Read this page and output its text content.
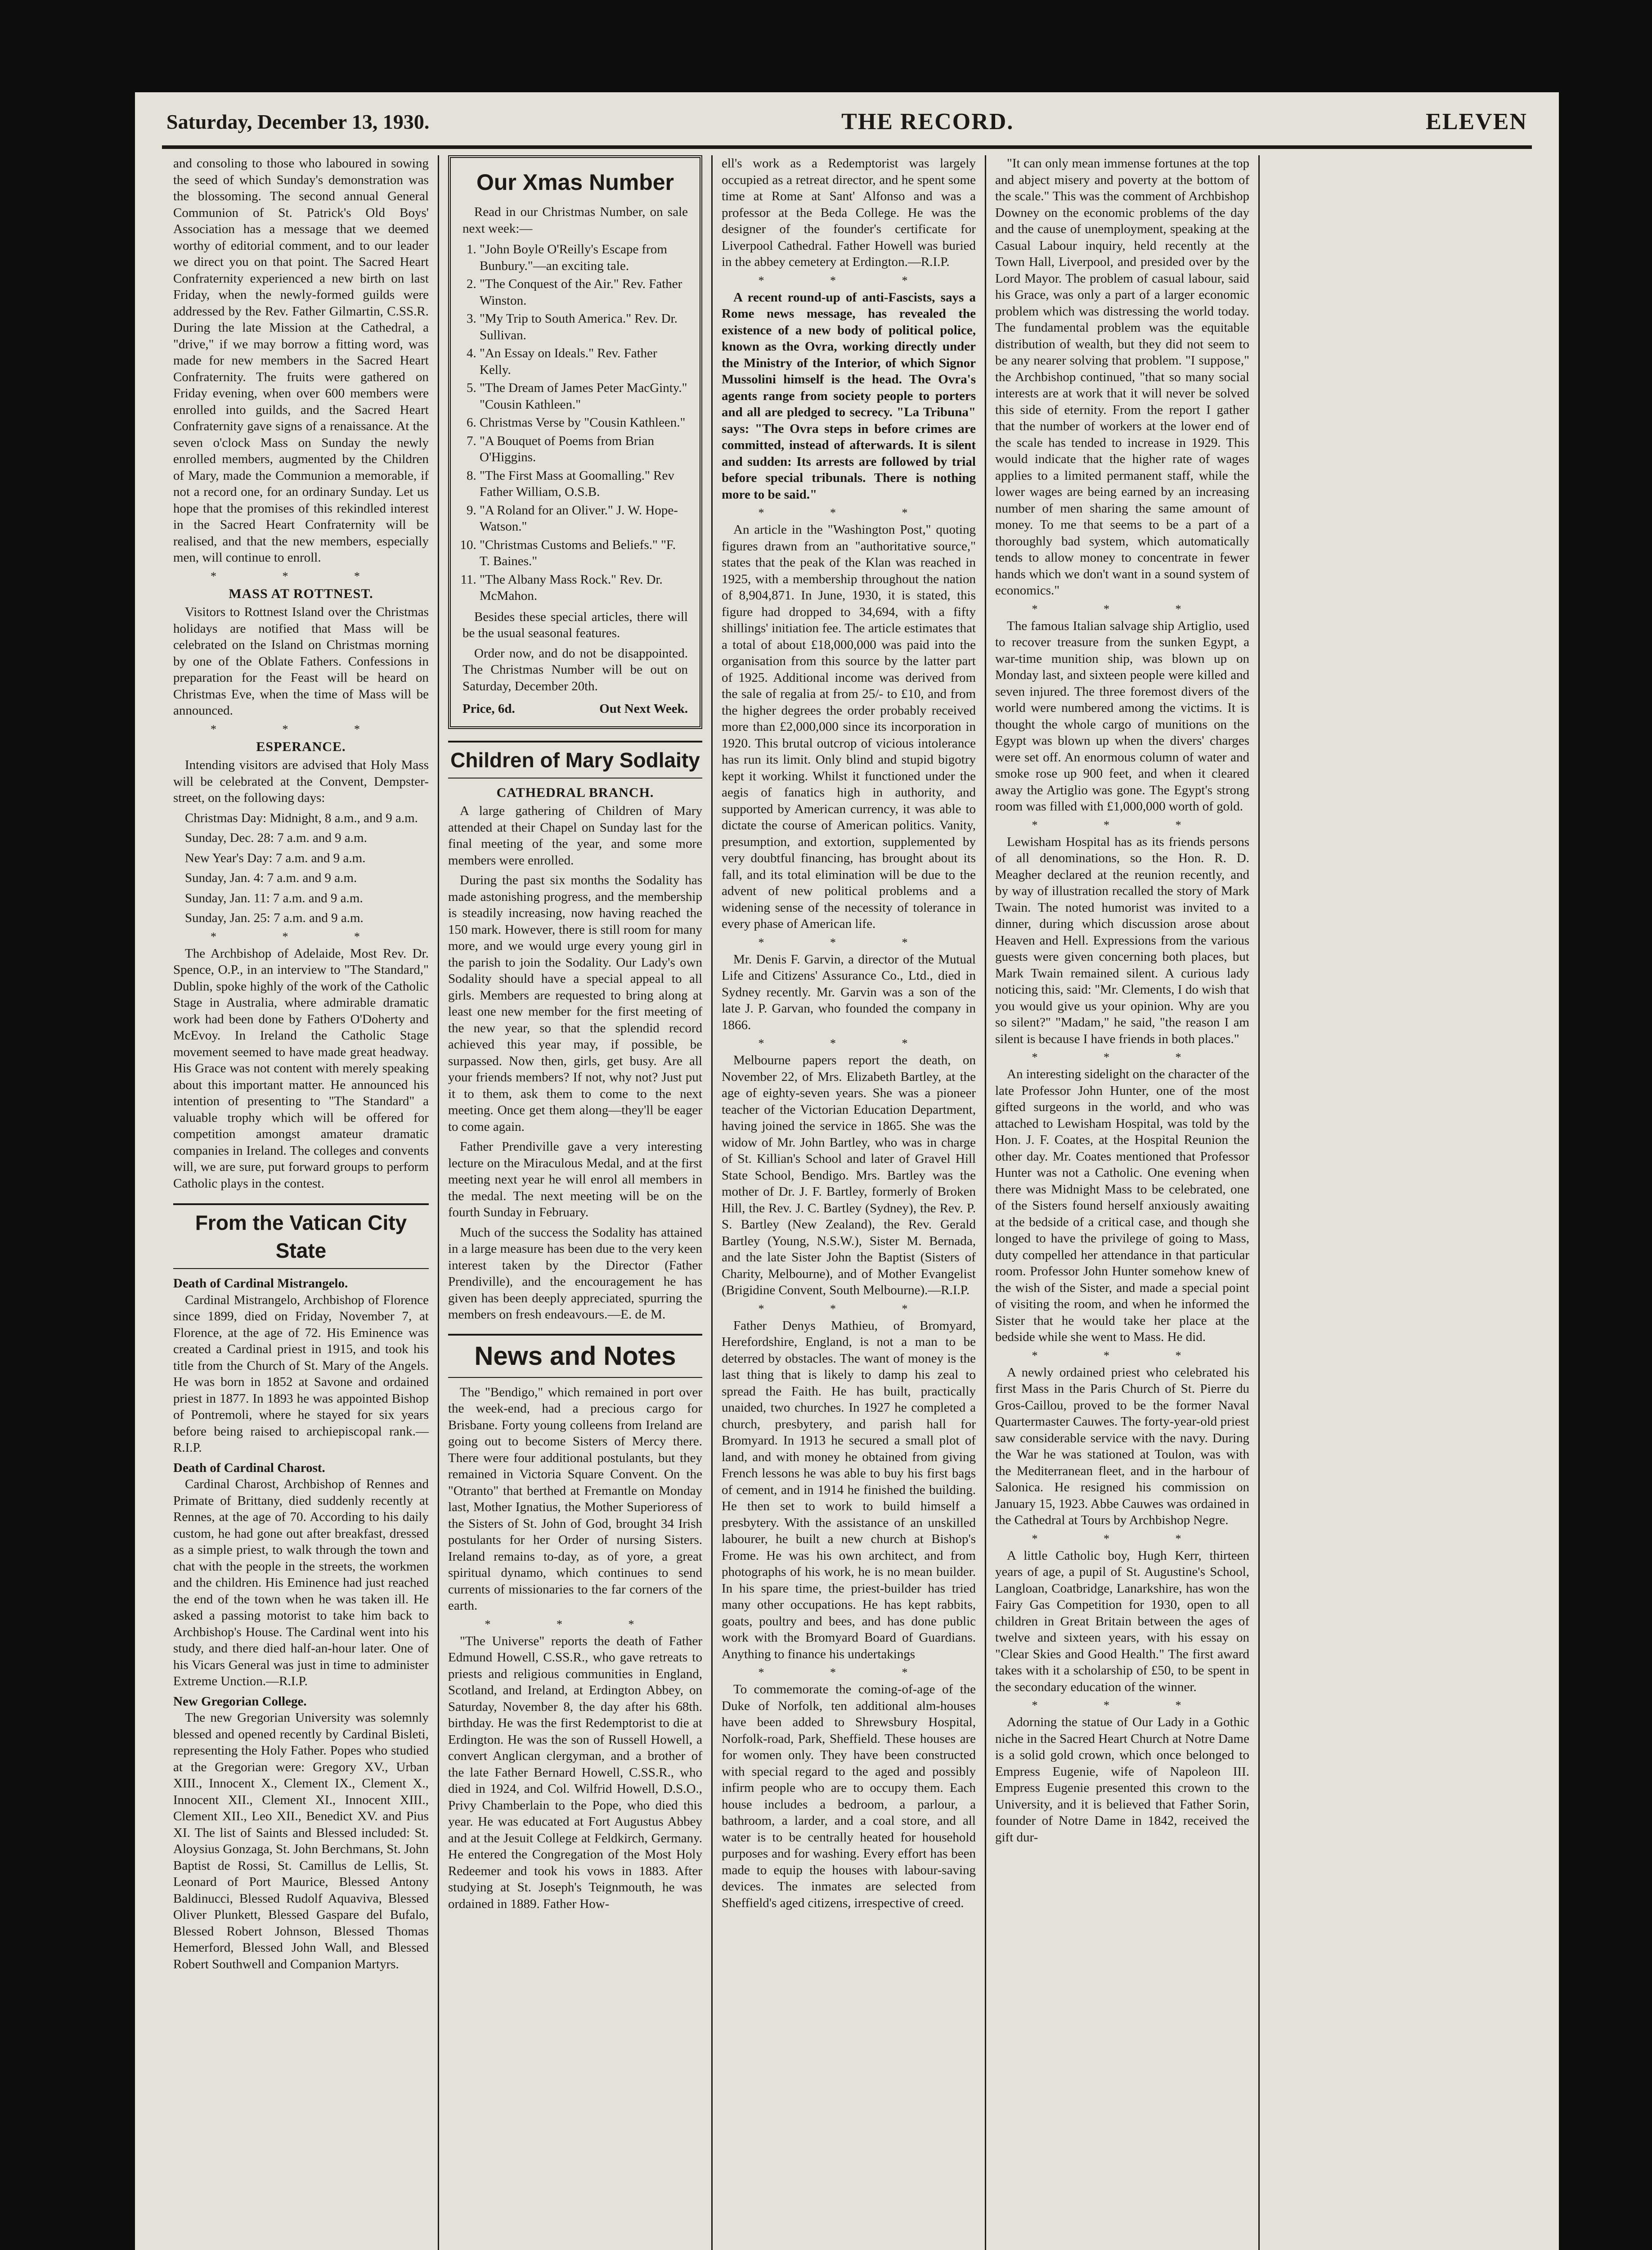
Saturday, December 13, 1930.	THE RECORD.	ELEVEN

and consoling to those who laboured in sowing the seed of which Sunday's demonstration was the blossoming. The second annual General Communion of St. Patrick's Old Boys' Association has a message that we deemed worthy of editorial comment, and to our leader we direct you on that point. The Sacred Heart Confraternity experienced a new birth on last Friday, when the newly-formed guilds were addressed by the Rev. Father Gilmartin, C.SS.R. During the late Mission at the Cathedral, a "drive," if we may borrow a fitting word, was made for new members in the Sacred Heart Confraternity. The fruits were gathered on Friday evening, when over 600 members were enrolled into guilds, and the Sacred Heart Confraternity gave signs of a renaissance. At the seven o'clock Mass on Sunday the newly enrolled members, augmented by the Children of Mary, made the Communion a memorable, if not a record one, for an ordinary Sunday. Let us hope that the promises of this rekindled interest in the Sacred Heart Confraternity will be realised, and that the new members, especially men, will continue to enroll.

* * *
MASS AT ROTTNEST.

Visitors to Rottnest Island over the Christmas holidays are notified that Mass will be celebrated on the Island on Christmas morning by one of the Oblate Fathers. Confessions in preparation for the Feast will be heard on Christmas Eve, when the time of Mass will be announced.

* * *
ESPERANCE.

Intending visitors are advised that Holy Mass will be celebrated at the Convent, Dempster-street, on the following days:

Christmas Day: Midnight, 8 a.m., and 9 a.m.

Sunday, Dec. 28: 7 a.m. and 9 a.m.

New Year's Day: 7 a.m. and 9 a.m.

Sunday, Jan. 4: 7 a.m. and 9 a.m.

Sunday, Jan. 11: 7 a.m. and 9 a.m.

Sunday, Jan. 25: 7 a.m. and 9 a.m.

* * *

The Archbishop of Adelaide, Most Rev. Dr. Spence, O.P., in an interview to "The Standard," Dublin, spoke highly of the work of the Catholic Stage in Australia, where admirable dramatic work had been done by Fathers O'Doherty and McEvoy. In Ireland the Catholic Stage movement seemed to have made great headway. His Grace was not content with merely speaking about this important matter. He announced his intention of presenting to "The Standard" a valuable trophy which will be offered for competition amongst amateur dramatic companies in Ireland. The colleges and convents will, we are sure, put forward groups to perform Catholic plays in the contest.

From the Vatican City State
Death of Cardinal Mistrangelo.

Cardinal Mistrangelo, Archbishop of Florence since 1899, died on Friday, November 7, at Florence, at the age of 72. His Eminence was created a Cardinal priest in 1915, and took his title from the Church of St. Mary of the Angels. He was born in 1852 at Savone and ordained priest in 1877. In 1893 he was appointed Bishop of Pontremoli, where he stayed for six years before being raised to archiepiscopal rank.—R.I.P.

Death of Cardinal Charost.

Cardinal Charost, Archbishop of Rennes and Primate of Brittany, died suddenly recently at Rennes, at the age of 70. According to his daily custom, he had gone out after breakfast, dressed as a simple priest, to walk through the town and chat with the people in the streets, the workmen and the children. His Eminence had just reached the end of the town when he was taken ill. He asked a passing motorist to take him back to Archbishop's House. The Cardinal went into his study, and there died half-an-hour later. One of his Vicars General was just in time to administer Extreme Unction.—R.I.P.

New Gregorian College.

The new Gregorian University was solemnly blessed and opened recently by Cardinal Bisleti, representing the Holy Father. Popes who studied at the Gregorian were: Gregory XV., Urban XIII., Innocent X., Clement IX., Clement X., Innocent XII., Clement XI., Innocent XIII., Clement XII., Leo XII., Benedict XV. and Pius XI. The list of Saints and Blessed included: St. Aloysius Gonzaga, St. John Berchmans, St. John Baptist de Rossi, St. Camillus de Lellis, St. Leonard of Port Maurice, Blessed Antony Baldinucci, Blessed Rudolf Aquaviva, Blessed Oliver Plunkett, Blessed Gaspare del Bufalo, Blessed Robert Johnson, Blessed Thomas Hemerford, Blessed John Wall, and Blessed Robert Southwell and Companion Martyrs.

Our Xmas Number

Read in our Christmas Number, on sale next week:—

1. "John Boyle O'Reilly's Escape from Bunbury."—an exciting tale.
2. "The Conquest of the Air." Rev. Father Winston.
3. "My Trip to South America." Rev. Dr. Sullivan.
4. "An Essay on Ideals." Rev. Father Kelly.
5. "The Dream of James Peter MacGinty." "Cousin Kathleen."
6. Christmas Verse by "Cousin Kathleen."
7. "A Bouquet of Poems from Brian O'Higgins.
8. "The First Mass at Goomalling." Rev Father William, O.S.B.
9. "A Roland for an Oliver." J. W. Hope-Watson."
10. "Christmas Customs and Beliefs." "F. T. Baines."
11. "The Albany Mass Rock." Rev. Dr. McMahon.

Besides these special articles, there will be the usual seasonal features.

Order now, and do not be disappointed. The Christmas Number will be out on Saturday, December 20th.

Price, 6d.	Out Next Week.
Children of Mary Sodlaity
CATHEDRAL BRANCH.

A large gathering of Children of Mary attended at their Chapel on Sunday last for the final meeting of the year, and some more members were enrolled.

During the past six months the Sodality has made astonishing progress, and the membership is steadily increasing, now having reached the 150 mark. However, there is still room for many more, and we would urge every young girl in the parish to join the Sodality. Our Lady's own Sodality should have a special appeal to all girls. Members are requested to bring along at least one new member for the first meeting of the new year, so that the splendid record achieved this year may, if possible, be surpassed. Now then, girls, get busy. Are all your friends members? If not, why not? Just put it to them, ask them to come to the next meeting. Once get them along—they'll be eager to come again.

Father Prendiville gave a very interesting lecture on the Miraculous Medal, and at the first meeting next year he will enrol all members in the medal. The next meeting will be on the fourth Sunday in February.

Much of the success the Sodality has attained in a large measure has been due to the very keen interest taken by the Director (Father Prendiville), and the encouragement he has given has been deeply appreciated, spurring the members on fresh endeavours.—E. de M.

News and Notes

The "Bendigo," which remained in port over the week-end, had a precious cargo for Brisbane. Forty young colleens from Ireland are going out to become Sisters of Mercy there. There were four additional postulants, but they remained in Victoria Square Convent. On the "Otranto" that berthed at Fremantle on Monday last, Mother Ignatius, the Mother Superioress of the Sisters of St. John of God, brought 34 Irish postulants for her Order of nursing Sisters. Ireland remains to-day, as of yore, a great spiritual dynamo, which continues to send currents of missionaries to the far corners of the earth.

* * *

"The Universe" reports the death of Father Edmund Howell, C.SS.R., who gave retreats to priests and religious communities in England, Scotland, and Ireland, at Erdington Abbey, on Saturday, November 8, the day after his 68th. birthday. He was the first Redemptorist to die at Erdington. He was the son of Russell Howell, a convert Anglican clergyman, and a brother of the late Father Bernard Howell, C.SS.R., who died in 1924, and Col. Wilfrid Howell, D.S.O., Privy Chamberlain to the Pope, who died this year. He was educated at Fort Augustus Abbey and at the Jesuit College at Feldkirch, Germany. He entered the Congregation of the Most Holy Redeemer and took his vows in 1883. After studying at St. Joseph's Teignmouth, he was ordained in 1889. Father How-

ell's work as a Redemptorist was largely occupied as a retreat director, and he spent some time at Rome at Sant' Alfonso and was a professor at the Beda College. He was the designer of the founder's certificate for Liverpool Cathedral. Father Howell was buried in the abbey cemetery at Erdington.—R.I.P.

* * *

A recent round-up of anti-Fascists, says a Rome news message, has revealed the existence of a new body of political police, known as the Ovra, working directly under the Ministry of the Interior, of which Signor Mussolini himself is the head. The Ovra's agents range from society people to porters and all are pledged to secrecy. "La Tribuna" says: "The Ovra steps in before crimes are committed, instead of afterwards. It is silent and sudden: Its arrests are followed by trial before special tribunals. There is nothing more to be said."

* * *

An article in the "Washington Post," quoting figures drawn from an "authoritative source," states that the peak of the Klan was reached in 1925, with a membership throughout the nation of 8,904,871. In June, 1930, it is stated, this figure had dropped to 34,694, with a fifty shillings' initiation fee. The article estimates that a total of about £18,000,000 was paid into the organisation from this source by the latter part of 1925. Additional income was derived from the sale of regalia at from 25/- to £10, and from the higher degrees the order probably received more than £2,000,000 since its incorporation in 1920. This brutal outcrop of vicious intolerance has run its limit. Only blind and stupid bigotry kept it working. Whilst it functioned under the aegis of fanatics high in authority, and supported by American currency, it was able to dictate the course of American politics. Vanity, presumption, and extortion, supplemented by very doubtful financing, has brought about its fall, and its total elimination will be due to the advent of new political problems and a widening sense of the necessity of tolerance in every phase of American life.

* * *

Mr. Denis F. Garvin, a director of the Mutual Life and Citizens' Assurance Co., Ltd., died in Sydney recently. Mr. Garvin was a son of the late J. P. Garvan, who founded the company in 1866.

* * *

Melbourne papers report the death, on November 22, of Mrs. Elizabeth Bartley, at the age of eighty-seven years. She was a pioneer teacher of the Victorian Education Department, having joined the service in 1865. She was the widow of Mr. John Bartley, who was in charge of St. Killian's School and later of Gravel Hill State School, Bendigo. Mrs. Bartley was the mother of Dr. J. F. Bartley, formerly of Broken Hill, the Rev. J. C. Bartley (Sydney), the Rev. P. S. Bartley (New Zealand), the Rev. Gerald Bartley (Young, N.S.W.), Sister M. Bernada, and the late Sister John the Baptist (Sisters of Charity, Melbourne), and of Mother Evangelist (Brigidine Convent, South Melbourne).—R.I.P.

* * *

Father Denys Mathieu, of Bromyard, Herefordshire, England, is not a man to be deterred by obstacles. The want of money is the last thing that is likely to damp his zeal to spread the Faith. He has built, practically unaided, two churches. In 1927 he completed a church, presbytery, and parish hall for Bromyard. In 1913 he secured a small plot of land, and with money he obtained from giving French lessons he was able to buy his first bags of cement, and in 1914 he finished the building. He then set to work to build himself a presbytery. With the assistance of an unskilled labourer, he built a new church at Bishop's Frome. He was his own architect, and from photographs of his work, he is no mean builder. In his spare time, the priest-builder has tried many other occupations. He has kept rabbits, goats, poultry and bees, and has done public work with the Bromyard Board of Guardians. Anything to finance his undertakings

* * *

To commemorate the coming-of-age of the Duke of Norfolk, ten additional alm-houses have been added to Shrewsbury Hospital, Norfolk-road, Park, Sheffield. These houses are for women only. They have been constructed with special regard to the aged and possibly infirm people who are to occupy them. Each house includes a bedroom, a parlour, a bathroom, a larder, and a coal store, and all water is to be centrally heated for household purposes and for washing. Every effort has been made to equip the houses with labour-saving devices. The inmates are selected from Sheffield's aged citizens, irrespective of creed.

"It can only mean immense fortunes at the top and abject misery and poverty at the bottom of the scale." This was the comment of Archbishop Downey on the economic problems of the day and the cause of unemployment, speaking at the Casual Labour inquiry, held recently at the Town Hall, Liverpool, and presided over by the Lord Mayor. The problem of casual labour, said his Grace, was only a part of a larger economic problem which was distressing the world today. The fundamental problem was the equitable distribution of wealth, but they did not seem to be any nearer solving that problem. "I suppose," the Archbishop continued, "that so many social interests are at work that it will never be solved this side of eternity. From the report I gather that the number of workers at the lower end of the scale has tended to increase in 1929. This would indicate that the higher rate of wages applies to a limited permanent staff, while the lower wages are being earned by an increasing number of men sharing the same amount of money. To me that seems to be a part of a thoroughly bad system, which automatically tends to allow money to concentrate in fewer hands which we don't want in a sound system of economics."

* * *

The famous Italian salvage ship Artiglio, used to recover treasure from the sunken Egypt, a war-time munition ship, was blown up on Monday last, and sixteen people were killed and seven injured. The three foremost divers of the world were numbered among the victims. It is thought the whole cargo of munitions on the Egypt was blown up when the divers' charges were set off. An enormous column of water and smoke rose up 900 feet, and when it cleared away the Artiglio was gone. The Egypt's strong room was filled with £1,000,000 worth of gold.

* * *

Lewisham Hospital has as its friends persons of all denominations, so the Hon. R. D. Meagher declared at the reunion recently, and by way of illustration recalled the story of Mark Twain. The noted humorist was invited to a dinner, during which discussion arose about Heaven and Hell. Expressions from the various guests were given concerning both places, but Mark Twain remained silent. A curious lady noticing this, said: "Mr. Clements, I do wish that you would give us your opinion. Why are you so silent?" "Madam," he said, "the reason I am silent is because I have friends in both places."

* * *

An interesting sidelight on the character of the late Professor John Hunter, one of the most gifted surgeons in the world, and who was attached to Lewisham Hospital, was told by the Hon. J. F. Coates, at the Hospital Reunion the other day. Mr. Coates mentioned that Professor Hunter was not a Catholic. One evening when there was Midnight Mass to be celebrated, one of the Sisters found herself anxiously awaiting at the bedside of a critical case, and though she longed to have the privilege of going to Mass, duty compelled her attendance in that particular room. Professor John Hunter somehow knew of the wish of the Sister, and made a special point of visiting the room, and when he informed the Sister that he would take her place at the bedside while she went to Mass. He did.

* * *

A newly ordained priest who celebrated his first Mass in the Paris Church of St. Pierre du Gros-Caillou, proved to be the former Naval Quartermaster Cauwes. The forty-year-old priest saw considerable service with the navy. During the War he was stationed at Toulon, was with the Mediterranean fleet, and in the harbour of Salonica. He resigned his commission on January 15, 1923. Abbe Cauwes was ordained in the Cathedral at Tours by Archbishop Negre.

* * *

A little Catholic boy, Hugh Kerr, thirteen years of age, a pupil of St. Augustine's School, Langloan, Coatbridge, Lanarkshire, has won the Fairy Gas Competition for 1930, open to all children in Great Britain between the ages of twelve and sixteen years, with his essay on "Clear Skies and Good Health." The first award takes with it a scholarship of £50, to be spent in the secondary education of the winner.

* * *

Adorning the statue of Our Lady in a Gothic niche in the Sacred Heart Church at Notre Dame is a solid gold crown, which once belonged to Empress Eugenie, wife of Napoleon III. Empress Eugenie presented this crown to the University, and it is believed that Father Sorin, founder of Notre Dame in 1842, received the gift dur-
